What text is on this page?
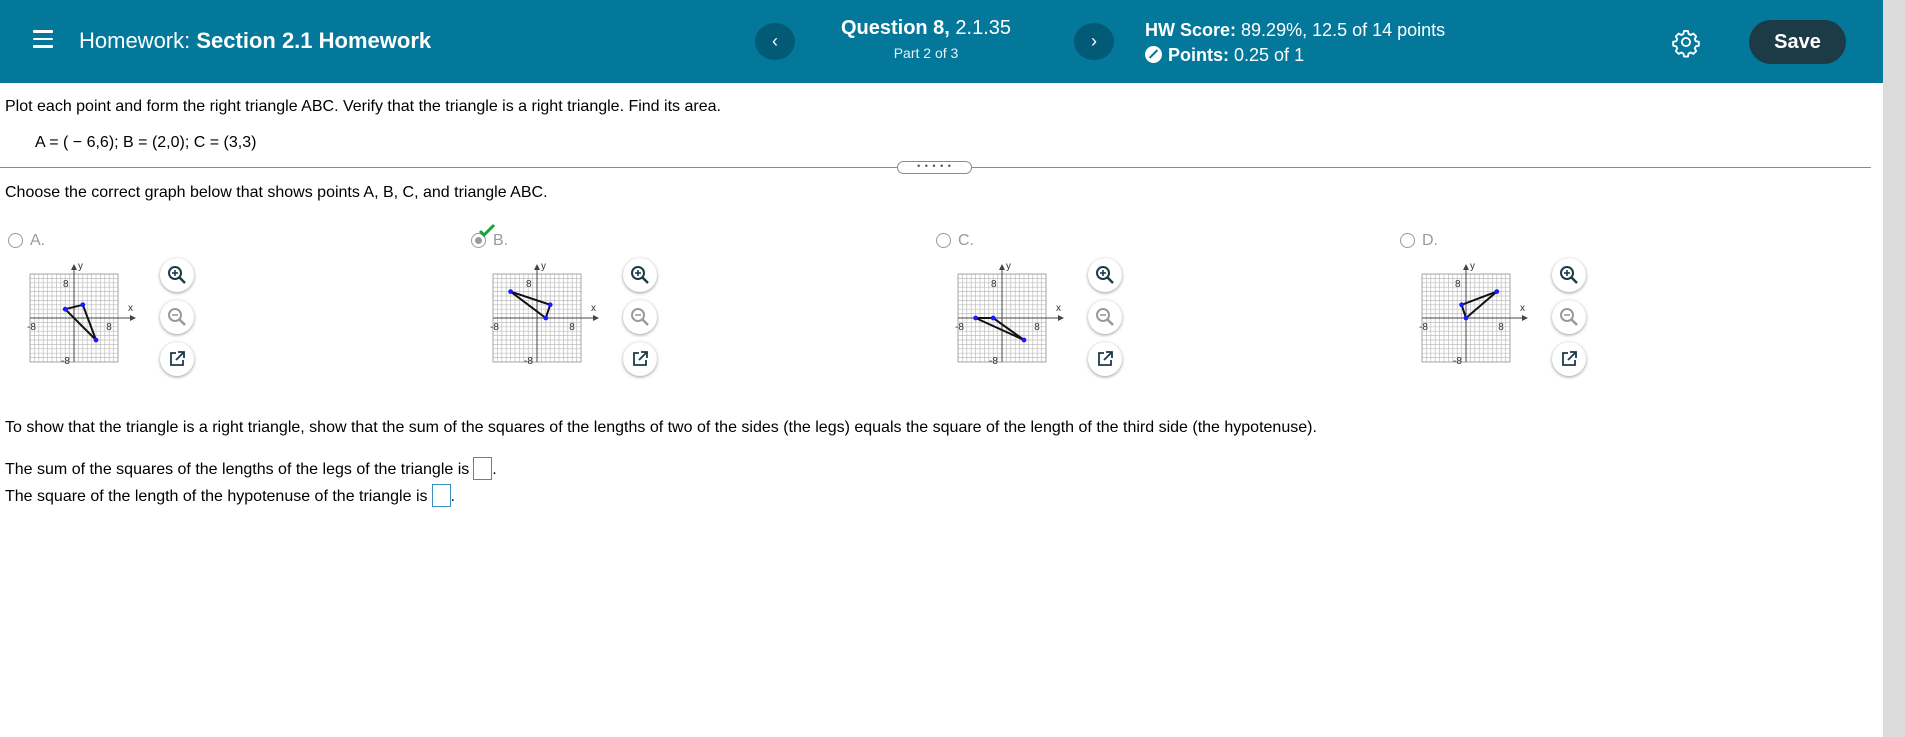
Homework: Section 2.1 Homework	‹
Question 8, 2.1.35
Part 2 of 3
›
HW Score: 89.29%, 12.5 of 14 points
Points: 0.25 of 1
Save
Plot each point and form the right triangle ABC. Verify that the triangle is a right triangle. Find its area.
A = ( − 6,6); B = (2,0); C = (3,3)
• • • • •
Choose the correct graph below that shows points A, B, C, and triangle ABC.
A.
x
y
8
-8
8
-8
B.
x
y
8
-8
8
-8
C.
x
y
8
-8
8
-8
D.
x
y
8
-8
8
-8
To show that the triangle is a right triangle, show that the sum of the squares of the lengths of two of the sides (the legs) equals the square of the length of the third side (the hypotenuse).
The sum of the squares of the lengths of the legs of the triangle is .
The square of the length of the hypotenuse of the triangle is .
